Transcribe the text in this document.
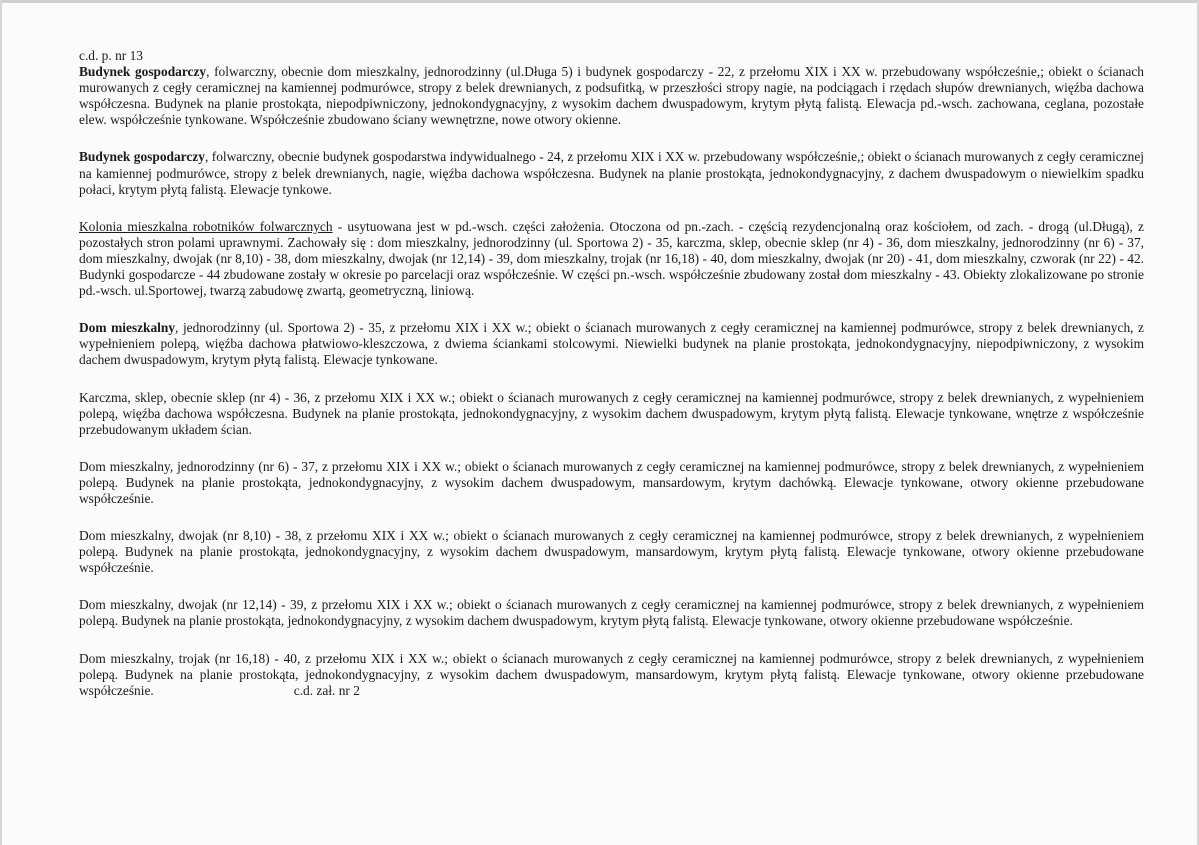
c.d. p. nr 13

Budynek gospodarczy, folwarczny, obecnie dom mieszkalny, jednorodzinny (ul.Długa 5) i budynek gospodarczy - 22, z przełomu XIX i XX w. przebudowany współcześnie,; obiekt o ścianach murowanych z cegły ceramicznej na kamiennej podmurówce, stropy z belek drewnianych, z podsufitką, w przeszłości stropy nagie, na podciągach i rzędach słupów drewnianych, więźba dachowa współczesna. Budynek na planie prostokąta, niepodpiwniczony, jednokondygnacyjny, z wysokim dachem dwuspadowym, krytym płytą falistą. Elewacja pd.-wsch. zachowana, ceglana, pozostałe elew. współcześnie tynkowane. Współcześnie zbudowano ściany wewnętrzne, nowe otwory okienne.

Budynek gospodarczy, folwarczny, obecnie budynek gospodarstwa indywidualnego - 24, z przełomu XIX i XX w. przebudowany współcześnie,; obiekt o ścianach murowanych z cegły ceramicznej na kamiennej podmurówce, stropy z belek drewnianych, nagie, więźba dachowa współczesna. Budynek na planie prostokąta, jednokondygnacyjny, z dachem dwuspadowym o niewielkim spadku połaci, krytym płytą falistą. Elewacje tynkowe.

Kolonia mieszkalna robotników folwarcznych - usytuowana jest w pd.-wsch. części założenia. Otoczona od pn.-zach. - częścią rezydencjonalną oraz kościołem, od zach. - drogą (ul.Długą), z pozostałych stron polami uprawnymi. Zachowały się : dom mieszkalny, jednorodzinny (ul. Sportowa 2) - 35, karczma, sklep, obecnie sklep (nr 4) - 36, dom mieszkalny, jednorodzinny (nr 6) - 37, dom mieszkalny, dwojak (nr 8,10) - 38, dom mieszkalny, dwojak (nr 12,14) - 39, dom mieszkalny, trojak (nr 16,18) - 40, dom mieszkalny, dwojak (nr 20) - 41, dom mieszkalny, czworak (nr 22) - 42. Budynki gospodarcze - 44 zbudowane zostały w okresie po parcelacji oraz współcześnie. W części pn.-wsch. współcześnie zbudowany został dom mieszkalny - 43. Obiekty zlokalizowane po stronie pd.-wsch. ul.Sportowej, twarzą zabudowę zwartą, geometryczną, liniową.

Dom mieszkalny, jednorodzinny (ul. Sportowa 2) - 35, z przełomu XIX i XX w.; obiekt o ścianach murowanych z cegły ceramicznej na kamiennej podmurówce, stropy z belek drewnianych, z wypełnieniem polepą, więźba dachowa płatwiowo-kleszczowa, z dwiema ściankami stolcowymi. Niewielki budynek na planie prostokąta, jednokondygnacyjny, niepodpiwniczony, z wysokim dachem dwuspadowym, krytym płytą falistą. Elewacje tynkowane.

Karczma, sklep, obecnie sklep (nr 4) - 36, z przełomu XIX i XX w.; obiekt o ścianach murowanych z cegły ceramicznej na kamiennej podmurówce, stropy z belek drewnianych, z wypełnieniem polepą, więźba dachowa współczesna. Budynek na planie prostokąta, jednokondygnacyjny, z wysokim dachem dwuspadowym, krytym płytą falistą. Elewacje tynkowane, wnętrze z współcześnie przebudowanym układem ścian.

Dom mieszkalny, jednorodzinny (nr 6) - 37, z przełomu XIX i XX w.; obiekt o ścianach murowanych z cegły ceramicznej na kamiennej podmurówce, stropy z belek drewnianych, z wypełnieniem polepą. Budynek na planie prostokąta, jednokondygnacyjny, z wysokim dachem dwuspadowym, mansardowym, krytym dachówką. Elewacje tynkowane, otwory okienne przebudowane współcześnie.

Dom mieszkalny, dwojak (nr 8,10) - 38, z przełomu XIX i XX w.; obiekt o ścianach murowanych z cegły ceramicznej na kamiennej podmurówce, stropy z belek drewnianych, z wypełnieniem polepą. Budynek na planie prostokąta, jednokondygnacyjny, z wysokim dachem dwuspadowym, mansardowym, krytym płytą falistą. Elewacje tynkowane, otwory okienne przebudowane współcześnie.

Dom mieszkalny, dwojak (nr 12,14) - 39, z przełomu XIX i XX w.; obiekt o ścianach murowanych z cegły ceramicznej na kamiennej podmurówce, stropy z belek drewnianych, z wypełnieniem polepą. Budynek na planie prostokąta, jednokondygnacyjny, z wysokim dachem dwuspadowym, krytym płytą falistą. Elewacje tynkowane, otwory okienne przebudowane współcześnie.

Dom mieszkalny, trojak (nr 16,18) - 40, z przełomu XIX i XX w.; obiekt o ścianach murowanych z cegły ceramicznej na kamiennej podmurówce, stropy z belek drewnianych, z wypełnieniem polepą. Budynek na planie prostokąta, jednokondygnacyjny, z wysokim dachem dwuspadowym, mansardowym, krytym płytą falistą. Elewacje tynkowane, otwory okienne przebudowane współcześnie.	c.d. zał. nr 2
